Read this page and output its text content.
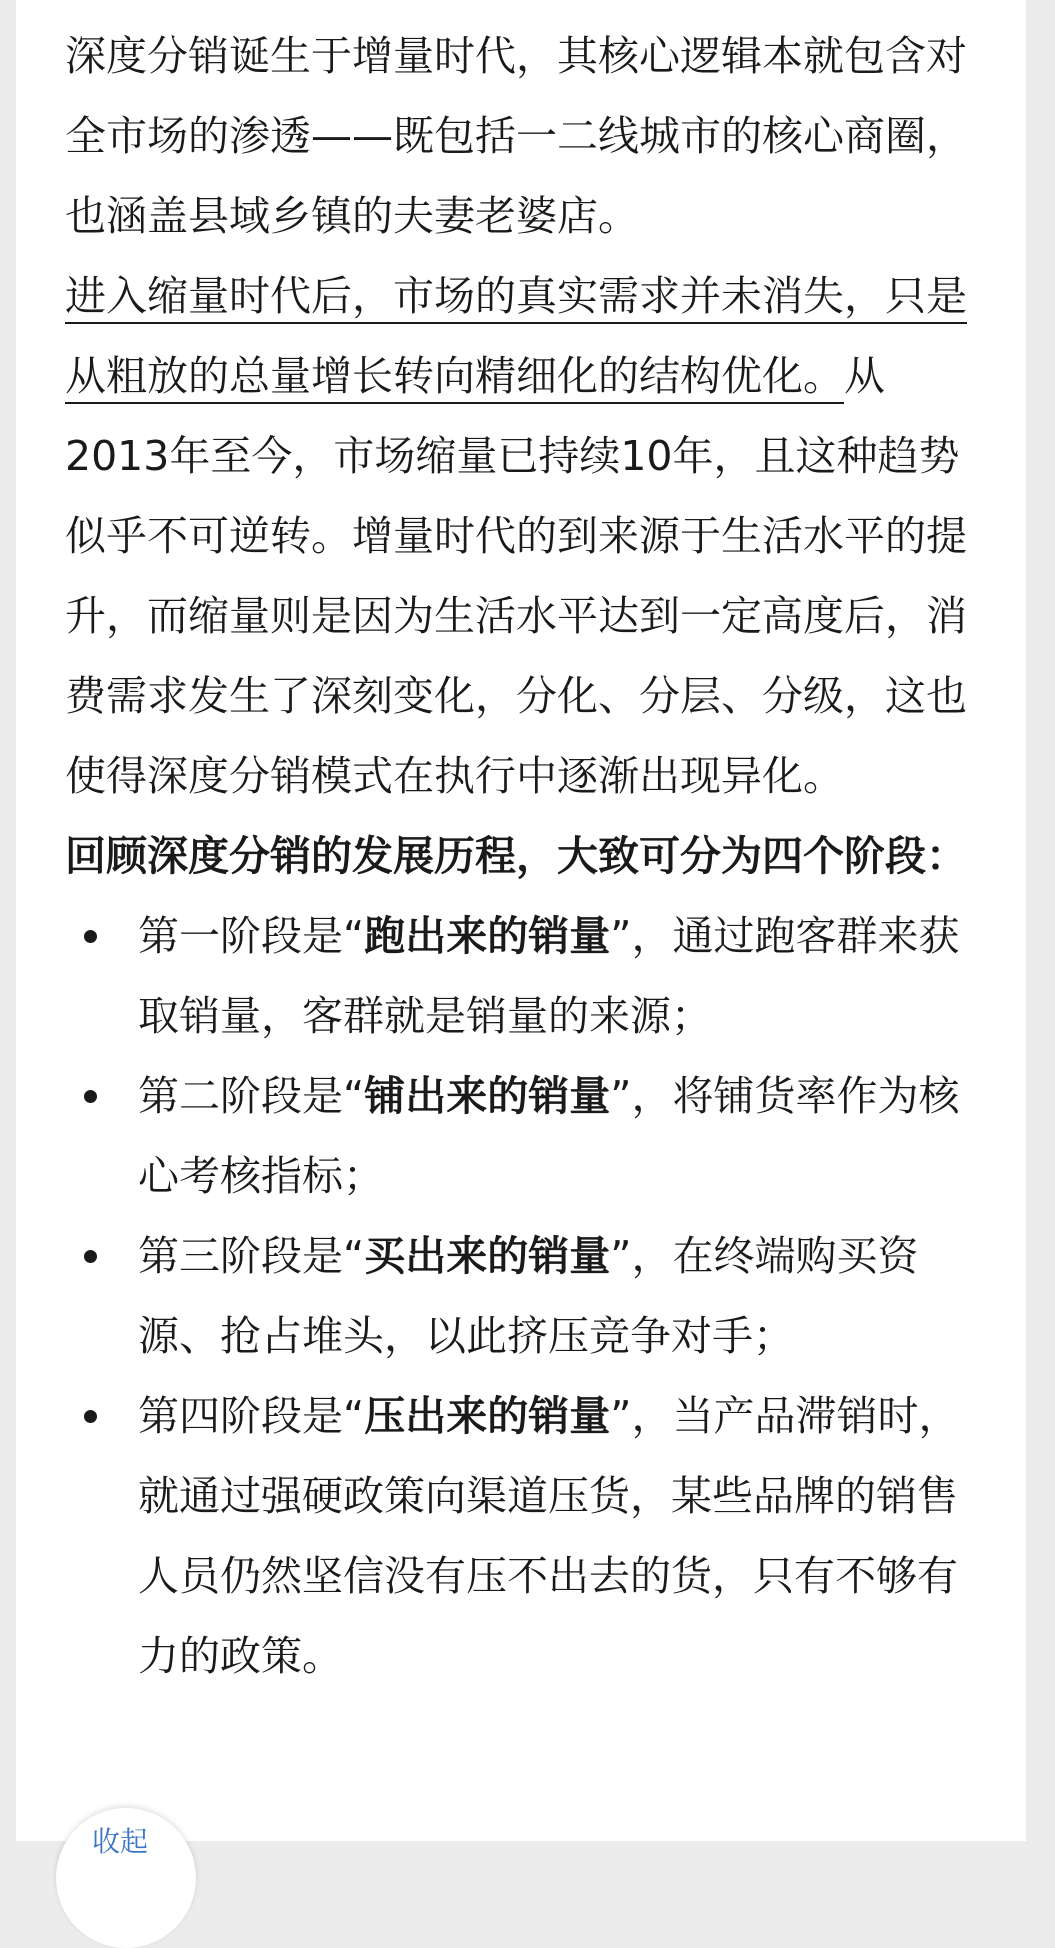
深度分销诞生于增量时代，其核心逻辑本就包含对全市场的渗透——既包括一二线城市的核心商圈，也涵盖县域乡镇的夫妻老婆店。

进入缩量时代后，市场的真实需求并未消失，只是从粗放的总量增长转向精细化的结构优化。从2013年至今，市场缩量已持续10年，且这种趋势似乎不可逆转。增量时代的到来源于生活水平的提升，而缩量则是因为生活水平达到一定高度后，消费需求发生了深刻变化，分化、分层、分级，这也使得深度分销模式在执行中逐渐出现异化。

回顾深度分销的发展历程，大致可分为四个阶段：

第一阶段是“跑出来的销量”，通过跑客群来获取销量，客群就是销量的来源；
第二阶段是“铺出来的销量”，将铺货率作为核心考核指标；
第三阶段是“买出来的销量”，在终端购买资源、抢占堆头，以此挤压竞争对手；
第四阶段是“压出来的销量”，当产品滞销时，就通过强硬政策向渠道压货，某些品牌的销售人员仍然坚信没有压不出去的货，只有不够有力的政策。
收起
